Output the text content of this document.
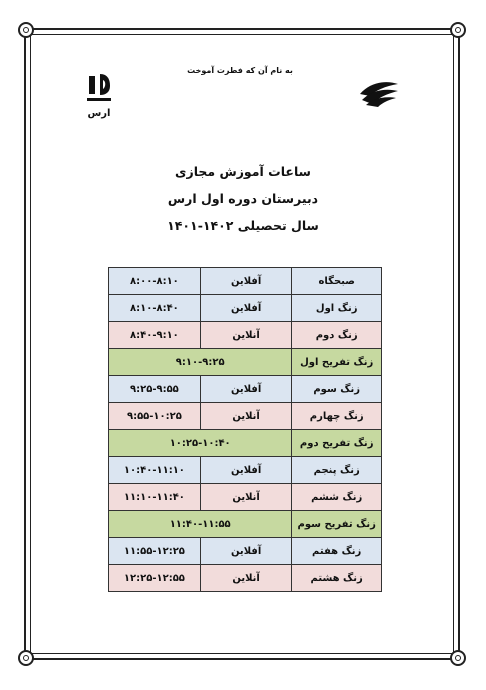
به نام آن که فطرت آموخت
ارس
ساعات آموزش مجازی
دبیرستان دوره اول ارس
سال تحصیلی ۱۴۰۲-۱۴۰۱
صبحگاه	آفلاین	۸:۰۰-۸:۱۰
زنگ اول	آفلاین	۸:۱۰-۸:۴۰
زنگ دوم	آنلاین	۸:۴۰-۹:۱۰
زنگ تفریح اول	۹:۱۰-۹:۲۵	
زنگ سوم	آفلاین	۹:۲۵-۹:۵۵
زنگ چهارم	آنلاین	۹:۵۵-۱۰:۲۵
زنگ تفریح دوم	۱۰:۲۵-۱۰:۴۰	
زنگ پنجم	آفلاین	۱۰:۴۰-۱۱:۱۰
زنگ ششم	آنلاین	۱۱:۱۰-۱۱:۴۰
زنگ تفریح سوم	۱۱:۴۰-۱۱:۵۵	
زنگ هفتم	آفلاین	۱۱:۵۵-۱۲:۲۵
زنگ هشتم	آنلاین	۱۲:۲۵-۱۲:۵۵
